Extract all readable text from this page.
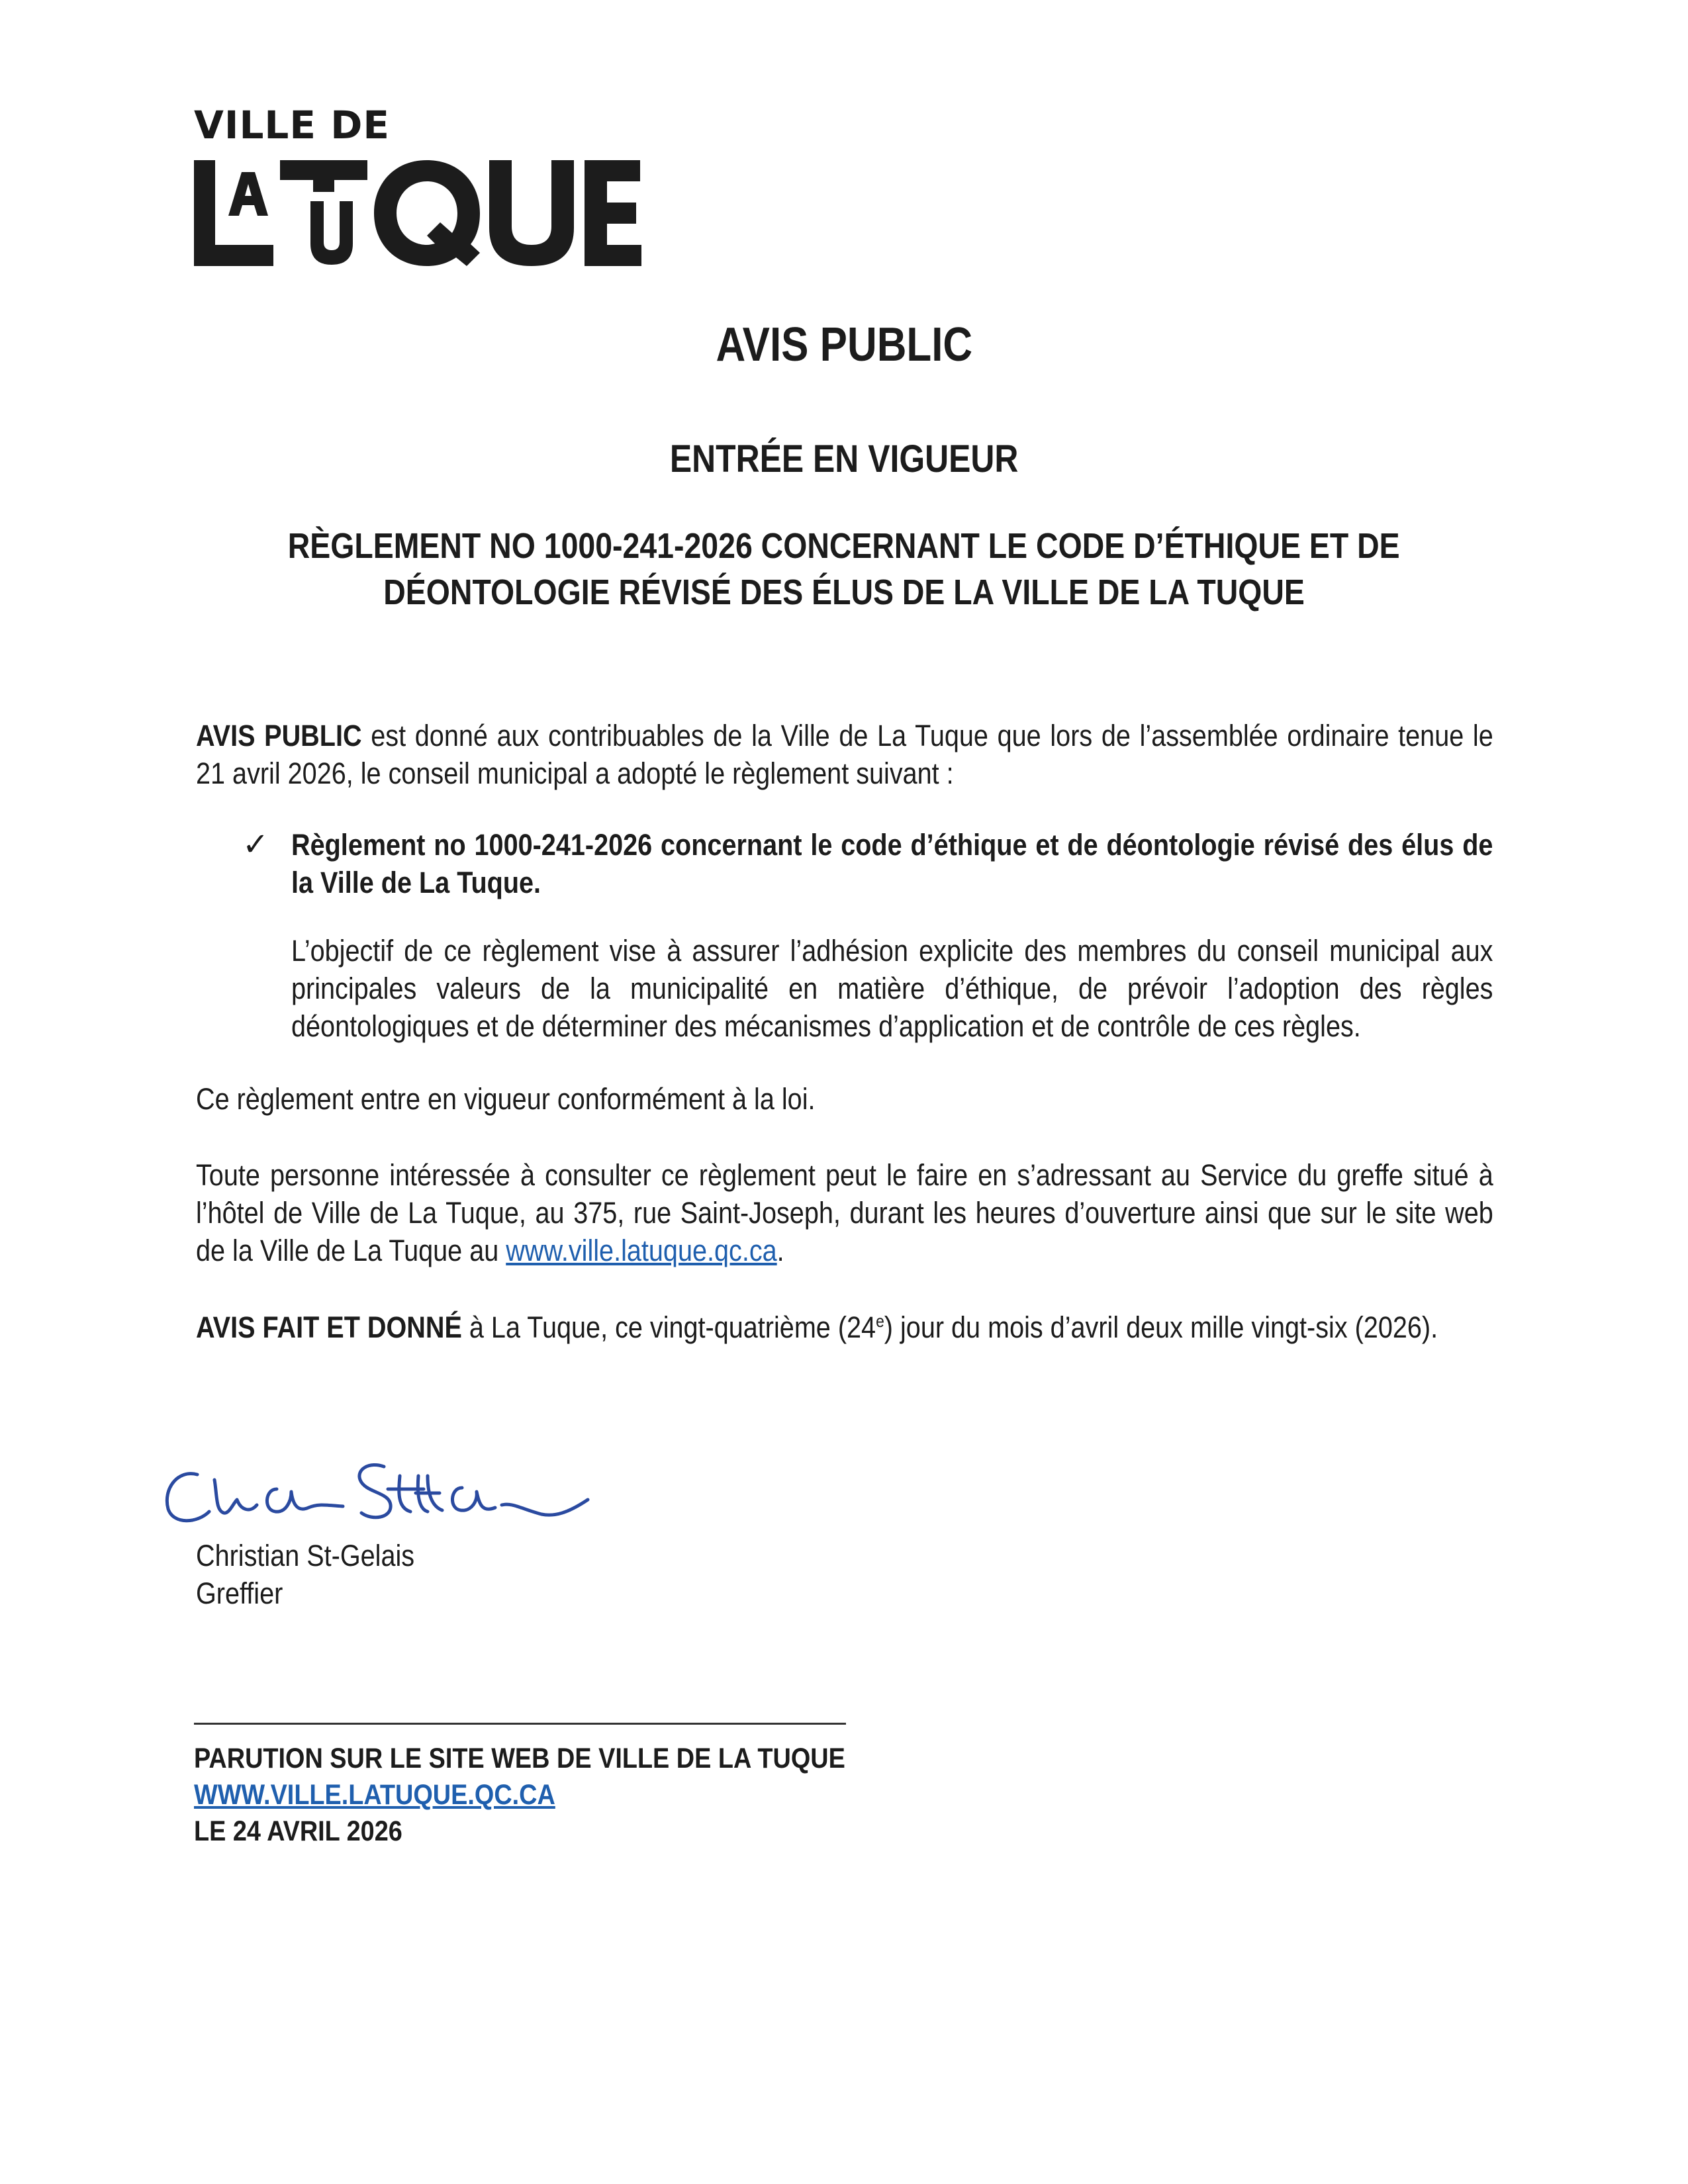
VILLE DE
AVIS PUBLIC
ENTRÉE EN VIGUEUR
RÈGLEMENT NO 1000-241-2026 CONCERNANT LE CODE D’ÉTHIQUE ET DE
DÉONTOLOGIE RÉVISÉ DES ÉLUS DE LA VILLE DE LA TUQUE
AVIS PUBLIC est donné aux contribuables de la Ville de La Tuque que lors de l’assemblée ordinaire tenue le 21 avril 2026, le conseil municipal a adopté le règlement suivant :
✓ Règlement no 1000-241-2026 concernant le code d’éthique et de déontologie révisé des élus de la Ville de La Tuque.
L’objectif de ce règlement vise à assurer l’adhésion explicite des membres du conseil municipal aux principales valeurs de la municipalité en matière d’éthique, de prévoir l’adoption des règles déontologiques et de déterminer des mécanismes d’application et de contrôle de ces règles.
Ce règlement entre en vigueur conformément à la loi.
Toute personne intéressée à consulter ce règlement peut le faire en s’adressant au Service du greffe situé à l’hôtel de Ville de La Tuque, au 375, rue Saint-Joseph, durant les heures d’ouverture ainsi que sur le site web de la Ville de La Tuque au www.ville.latuque.qc.ca.
AVIS FAIT ET DONNÉ à La Tuque, ce vingt-quatrième (24e) jour du mois d’avril deux mille vingt-six (2026).
Christian St-Gelais
Greffier
PARUTION SUR LE SITE WEB DE VILLE DE LA TUQUE
WWW.VILLE.LATUQUE.QC.CA
LE 24 AVRIL 2026
